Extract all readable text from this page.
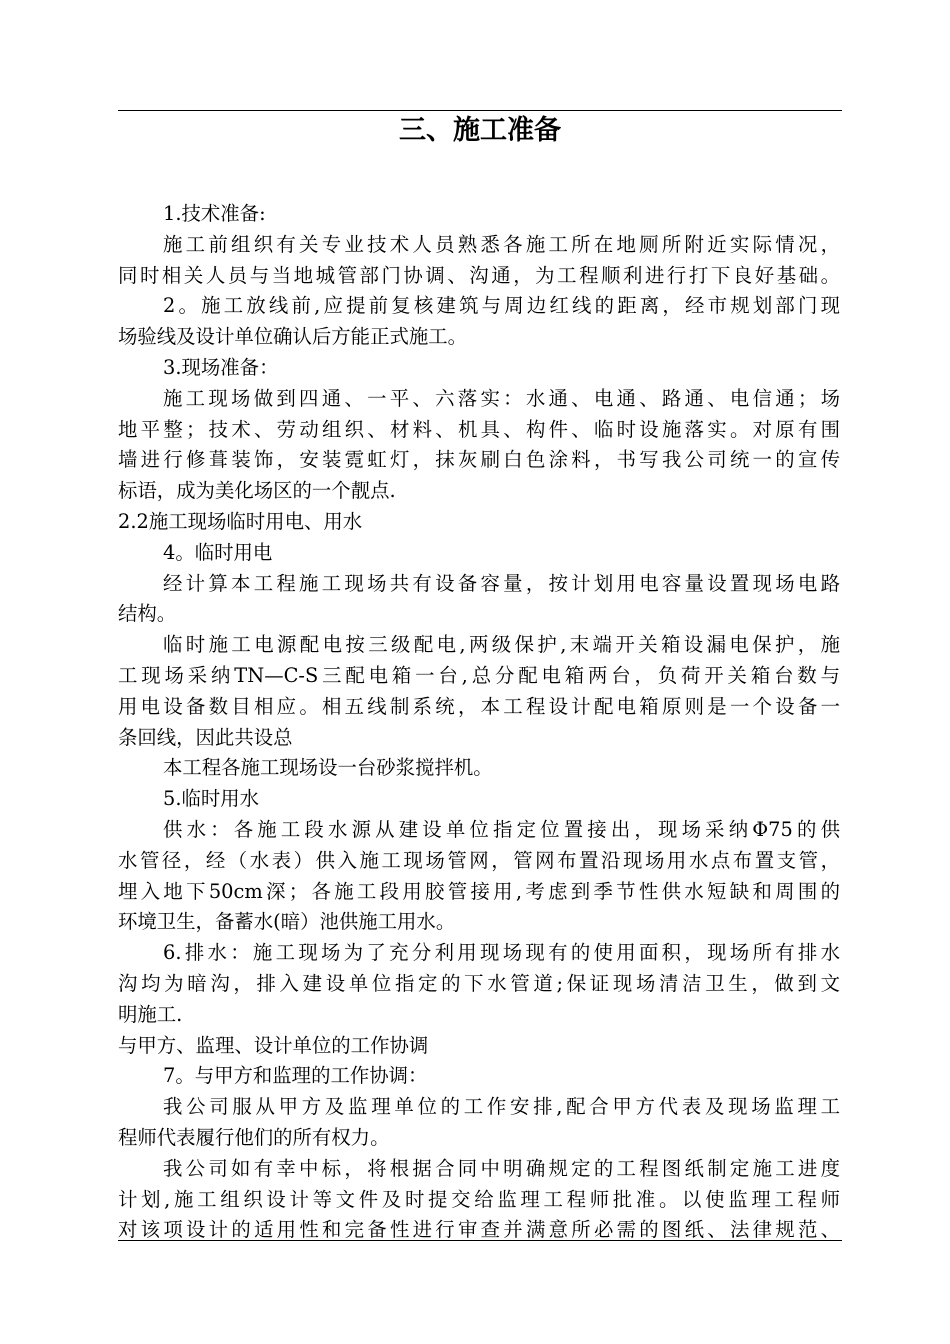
三、施工准备
1.技术准备:
施工前组织有关专业技术人员熟悉各施工所在地厕所附近实际情况，
同时相关人员与当地城管部门协调、沟通，为工程顺利进行打下良好基础。
2。施工放线前,应提前复核建筑与周边红线的距离，经市规划部门现
场验线及设计单位确认后方能正式施工。
3.现场准备：
施工现场做到四通、一平、六落实：水通、电通、路通、电信通；场
地平整；技术、劳动组织、材料、机具、构件、临时设施落实。对原有围
墙进行修葺装饰，安装霓虹灯，抹灰刷白色涂料，书写我公司统一的宣传
标语，成为美化场区的一个靓点.
2.2施工现场临时用电、用水
4。临时用电
经计算本工程施工现场共有设备容量，按计划用电容量设置现场电路
结构。
临时施工电源配电按三级配电,两级保护,末端开关箱设漏电保护，施
工现场采纳TN—C-S三配电箱一台,总分配电箱两台，负荷开关箱台数与
用电设备数目相应。相五线制系统，本工程设计配电箱原则是一个设备一
条回线，因此共设总
本工程各施工现场设一台砂浆搅拌机。
5.临时用水
供水：各施工段水源从建设单位指定位置接出，现场采纳Φ75的供
水管径，经（水表）供入施工现场管网，管网布置沿现场用水点布置支管，
埋入地下50cm深；各施工段用胶管接用,考虑到季节性供水短缺和周围的
环境卫生，备蓄水(暗）池供施工用水。
6.排水：施工现场为了充分利用现场现有的使用面积，现场所有排水
沟均为暗沟，排入建设单位指定的下水管道;保证现场清洁卫生，做到文
明施工.
与甲方、监理、设计单位的工作协调
7。与甲方和监理的工作协调：
我公司服从甲方及监理单位的工作安排,配合甲方代表及现场监理工
程师代表履行他们的所有权力。
我公司如有幸中标，将根据合同中明确规定的工程图纸制定施工进度
计划,施工组织设计等文件及时提交给监理工程师批准。以使监理工程师
对该项设计的适用性和完备性进行审查并满意所必需的图纸、法律规范、
